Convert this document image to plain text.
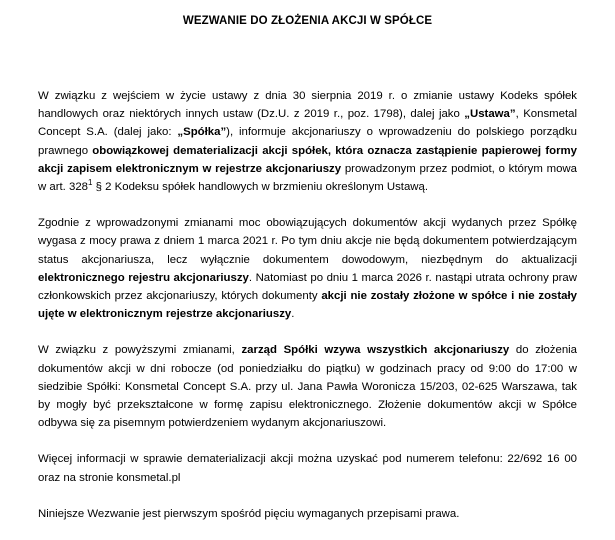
WEZWANIE DO ZŁOŻENIA AKCJI W SPÓŁCE

W związku z wejściem w życie ustawy z dnia 30 sierpnia 2019 r. o zmianie ustawy Kodeks spółek handlowych oraz niektórych innych ustaw (Dz.U. z 2019 r., poz. 1798), dalej jako „Ustawa”, Konsmetal Concept S.A. (dalej jako: „Spółka”), informuje akcjonariuszy o wprowadzeniu do polskiego porządku prawnego obowiązkowej dematerializacji akcji spółek, która oznacza zastąpienie papierowej formy akcji zapisem elektronicznym w rejestrze akcjonariuszy prowadzonym przez podmiot, o którym mowa w art. $328^1$ § 2 Kodeksu spółek handlowych w brzmieniu określonym Ustawą.

Zgodnie z wprowadzonymi zmianami moc obowiązujących dokumentów akcji wydanych przez Spółkę wygasa z mocy prawa z dniem 1 marca 2021 r. Po tym dniu akcje nie będą dokumentem potwierdzającym status akcjonariusza, lecz wyłącznie dokumentem dowodowym, niezbędnym do aktualizacji elektronicznego rejestru akcjonariuszy. Natomiast po dniu 1 marca 2026 r. nastąpi utrata ochrony praw członkowskich przez akcjonariuszy, których dokumenty akcji nie zostały złożone w spółce i nie zostały ujęte w elektronicznym rejestrze akcjonariuszy.

W związku z powyższymi zmianami, zarząd Spółki wzywa wszystkich akcjonariuszy do złożenia dokumentów akcji w dni robocze (od poniedziałku do piątku) w godzinach pracy od 9:00 do 17:00 w siedzibie Spółki: Konsmetal Concept S.A. przy ul. Jana Pawła Woronicza 15/203, 02-625 Warszawa, tak by mogły być przekształcone w formę zapisu elektronicznego. Złożenie dokumentów akcji w Spółce odbywa się za pisemnym potwierdzeniem wydanym akcjonariuszowi.

Więcej informacji w sprawie dematerializacji akcji można uzyskać pod numerem telefonu: 22/692 16 00 oraz na stronie konsmetal.pl

Niniejsze Wezwanie jest pierwszym spośród pięciu wymaganych przepisami prawa.
